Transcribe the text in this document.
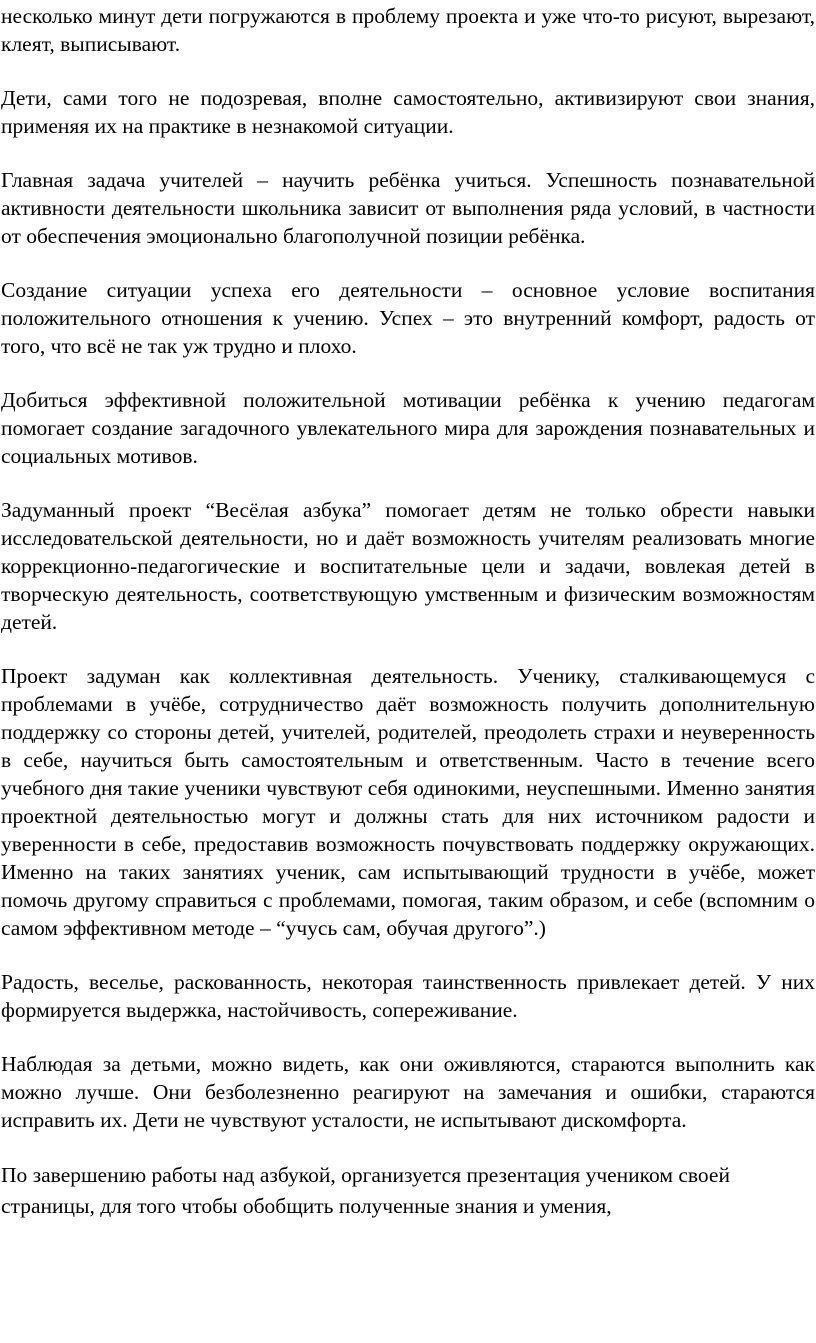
несколько минут дети погружаются в проблему проекта и уже что-то рисуют, вырезают, клеят, выписывают.

Дети, сами того не подозревая, вполне самостоятельно, активизируют свои знания, применяя их на практике в незнакомой ситуации.

Главная задача учителей – научить ребёнка учиться. Успешность познавательной активности деятельности школьника зависит от выполнения ряда условий, в частности от обеспечения эмоционально благополучной позиции ребёнка.

Создание ситуации успеха его деятельности – основное условие воспитания положительного отношения к учению. Успех – это внутренний комфорт, радость от того, что всё не так уж трудно и плохо.

Добиться эффективной положительной мотивации ребёнка к учению педагогам помогает создание загадочного увлекательного мира для зарождения познавательных и социальных мотивов.

Задуманный проект “Весёлая азбука” помогает детям не только обрести навыки исследовательской деятельности, но и даёт возможность учителям реализовать многие коррекционно-педагогические и воспитательные цели и задачи, вовлекая детей в творческую деятельность, соответствующую умственным и физическим возможностям детей.

Проект задуман как коллективная деятельность. Ученику, сталкивающемуся с проблемами в учёбе, сотрудничество даёт возможность получить дополнительную поддержку со стороны детей, учителей, родителей, преодолеть страхи и неуверенность в себе, научиться быть самостоятельным и ответственным. Часто в течение всего учебного дня такие ученики чувствуют себя одинокими, неуспешными. Именно занятия проектной деятельностью могут и должны стать для них источником радости и уверенности в себе, предоставив возможность почувствовать поддержку окружающих. Именно на таких занятиях ученик, сам испытывающий трудности в учёбе, может помочь другому справиться с проблемами, помогая, таким образом, и себе (вспомним о самом эффективном методе – “учусь сам, обучая другого”.)

Радость, веселье, раскованность, некоторая таинственность привлекает детей. У них формируется выдержка, настойчивость, сопереживание.

Наблюдая за детьми, можно видеть, как они оживляются, стараются выполнить как можно лучше. Они безболезненно реагируют на замечания и ошибки, стараются исправить их. Дети не чувствуют усталости, не испытывают дискомфорта.

По завершению работы над азбукой, организуется презентация учеником своей страницы, для того чтобы обобщить полученные знания и умения,
